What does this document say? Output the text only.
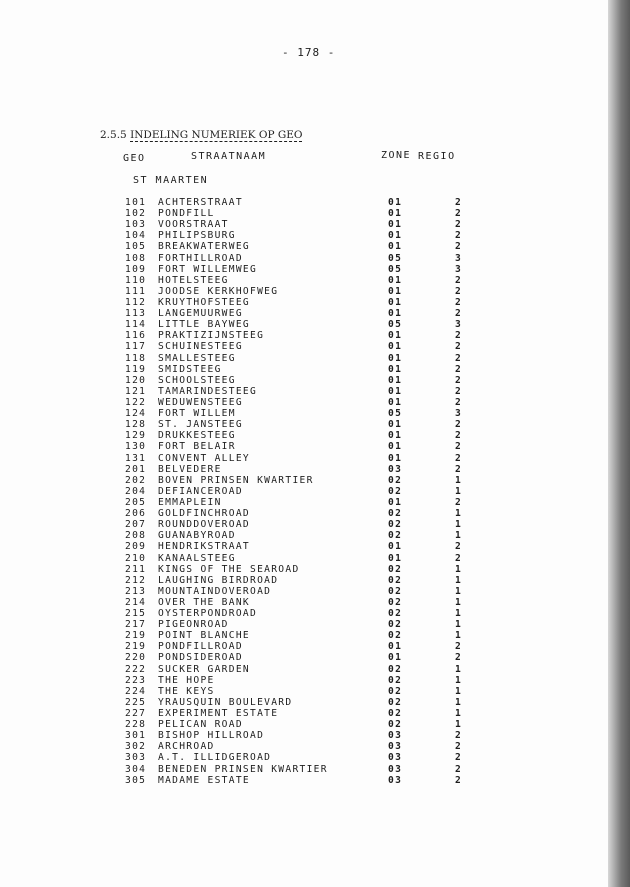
- 178 -
2.5.5 INDELING NUMERIEK OP GEO
GEO	STRAATNAAM	ZONE REGIO
ST MAARTEN
101 ACHTERSTRAAT	01	2
102 PONDFILL	01	2
103 VOORSTRAAT	01	2
104 PHILIPSBURG	01	2
105 BREAKWATERWEG	01	2
108 FORTHILLROAD	05	3
109 FORT WILLEMWEG	05	3
110 HOTELSTEEG	01	2
111 JOODSE KERKHOFWEG	01	2
112 KRUYTHOFSTEEG	01	2
113 LANGEMUURWEG	01	2
114 LITTLE BAYWEG	05	3
116 PRAKTIZIJNSTEEG	01	2
117 SCHUINESTEEG	01	2
118 SMALLESTEEG	01	2
119 SMIDSTEEG	01	2
120 SCHOOLSTEEG	01	2
121 TAMARINDESTEEG	01	2
122 WEDUWENSTEEG	01	2
124 FORT WILLEM	05	3
128 ST. JANSTEEG	01	2
129 DRUKKESTEEG	01	2
130 FORT BELAIR	01	2
131 CONVENT ALLEY	01	2
201 BELVEDERE	03	2
202 BOVEN PRINSEN KWARTIER	02	1
204 DEFIANCEROAD	02	1
205 EMMAPLEIN	01	2
206 GOLDFINCHROAD	02	1
207 ROUNDDOVEROAD	02	1
208 GUANABYROAD	02	1
209 HENDRIKSTRAAT	01	2
210 KANAALSTEEG	01	2
211 KINGS OF THE SEAROAD	02	1
212 LAUGHING BIRDROAD	02	1
213 MOUNTAINDOVEROAD	02	1
214 OVER THE BANK	02	1
215 OYSTERPONDROAD	02	1
217 PIGEONROAD	02	1
219 POINT BLANCHE	02	1
219 PONDFILLROAD	01	2
220 PONDSIDEROAD	01	2
222 SUCKER GARDEN	02	1
223 THE HOPE	02	1
224 THE KEYS	02	1
225 YRAUSQUIN BOULEVARD	02	1
227 EXPERIMENT ESTATE	02	1
228 PELICAN ROAD	02	1
301 BISHOP HILLROAD	03	2
302 ARCHROAD	03	2
303 A.T. ILLIDGEROAD	03	2
304 BENEDEN PRINSEN KWARTIER	03	2
305 MADAME ESTATE	03	2
